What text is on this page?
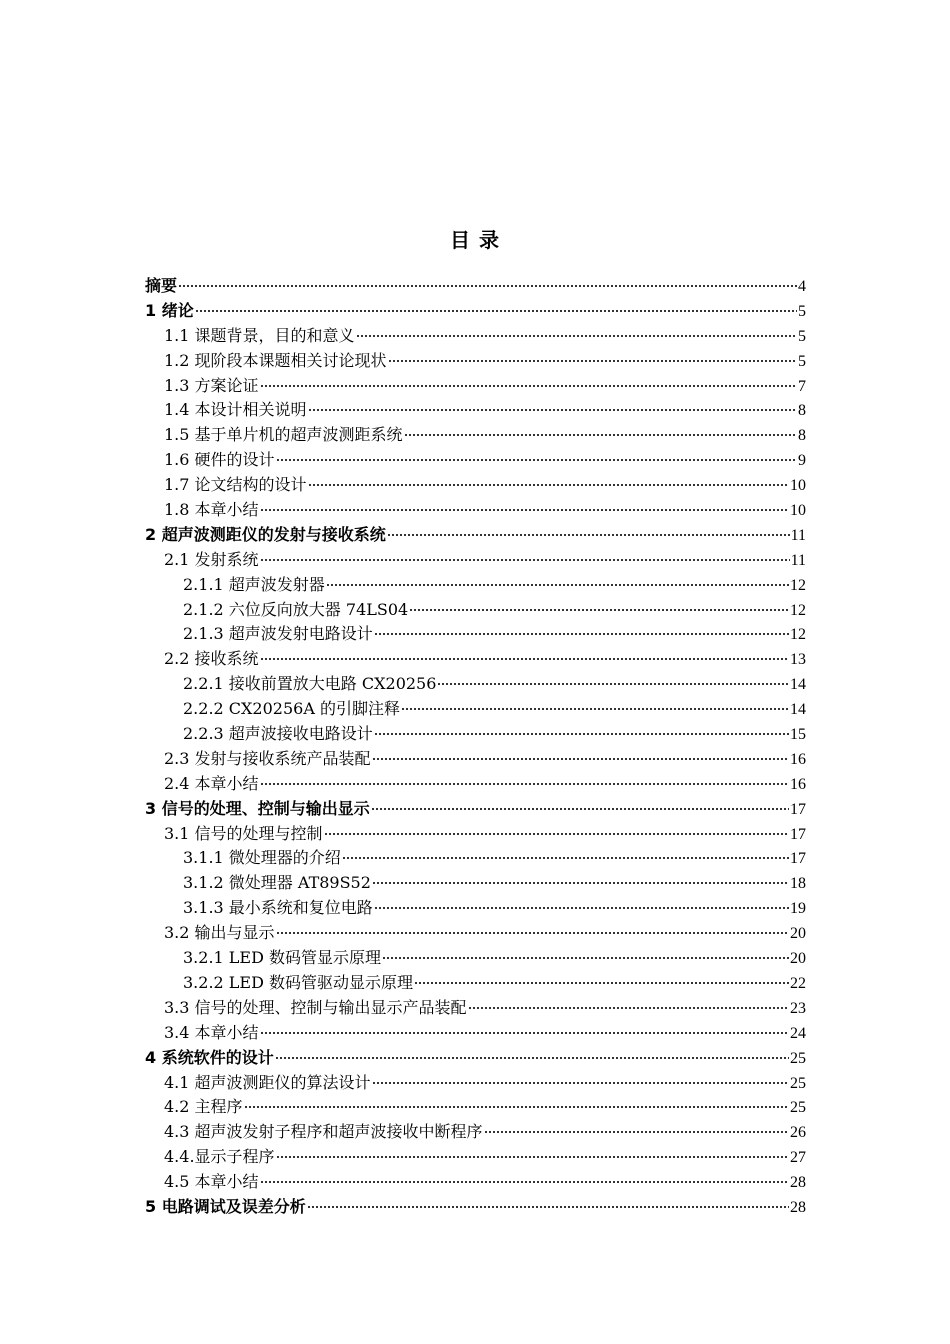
目 录
摘要	4
1 绪论	5
1.1 课题背景，目的和意义	5
1.2 现阶段本课题相关讨论现状	5
1.3 方案论证	7
1.4 本设计相关说明	8
1.5 基于单片机的超声波测距系统	8
1.6 硬件的设计	9
1.7 论文结构的设计	10
1.8 本章小结	10
2 超声波测距仪的发射与接收系统	11
2.1 发射系统	11
2.1.1 超声波发射器	12
2.1.2 六位反向放大器 74LS04	12
2.1.3 超声波发射电路设计	12
2.2 接收系统	13
2.2.1 接收前置放大电路 CX20256	14
2.2.2 CX20256A 的引脚注释	14
2.2.3 超声波接收电路设计	15
2.3 发射与接收系统产品装配	16
2.4 本章小结	16
3 信号的处理、控制与输出显示	17
3.1 信号的处理与控制	17
3.1.1 微处理器的介绍	17
3.1.2 微处理器 AT89S52	18
3.1.3 最小系统和复位电路	19
3.2 输出与显示	20
3.2.1 LED 数码管显示原理	20
3.2.2 LED 数码管驱动显示原理	22
3.3 信号的处理、控制与输出显示产品装配	23
3.4 本章小结	24
4 系统软件的设计	25
4.1 超声波测距仪的算法设计	25
4.2 主程序	25
4.3 超声波发射子程序和超声波接收中断程序	26
4.4.显示子程序	27
4.5 本章小结	28
5 电路调试及误差分析	28
